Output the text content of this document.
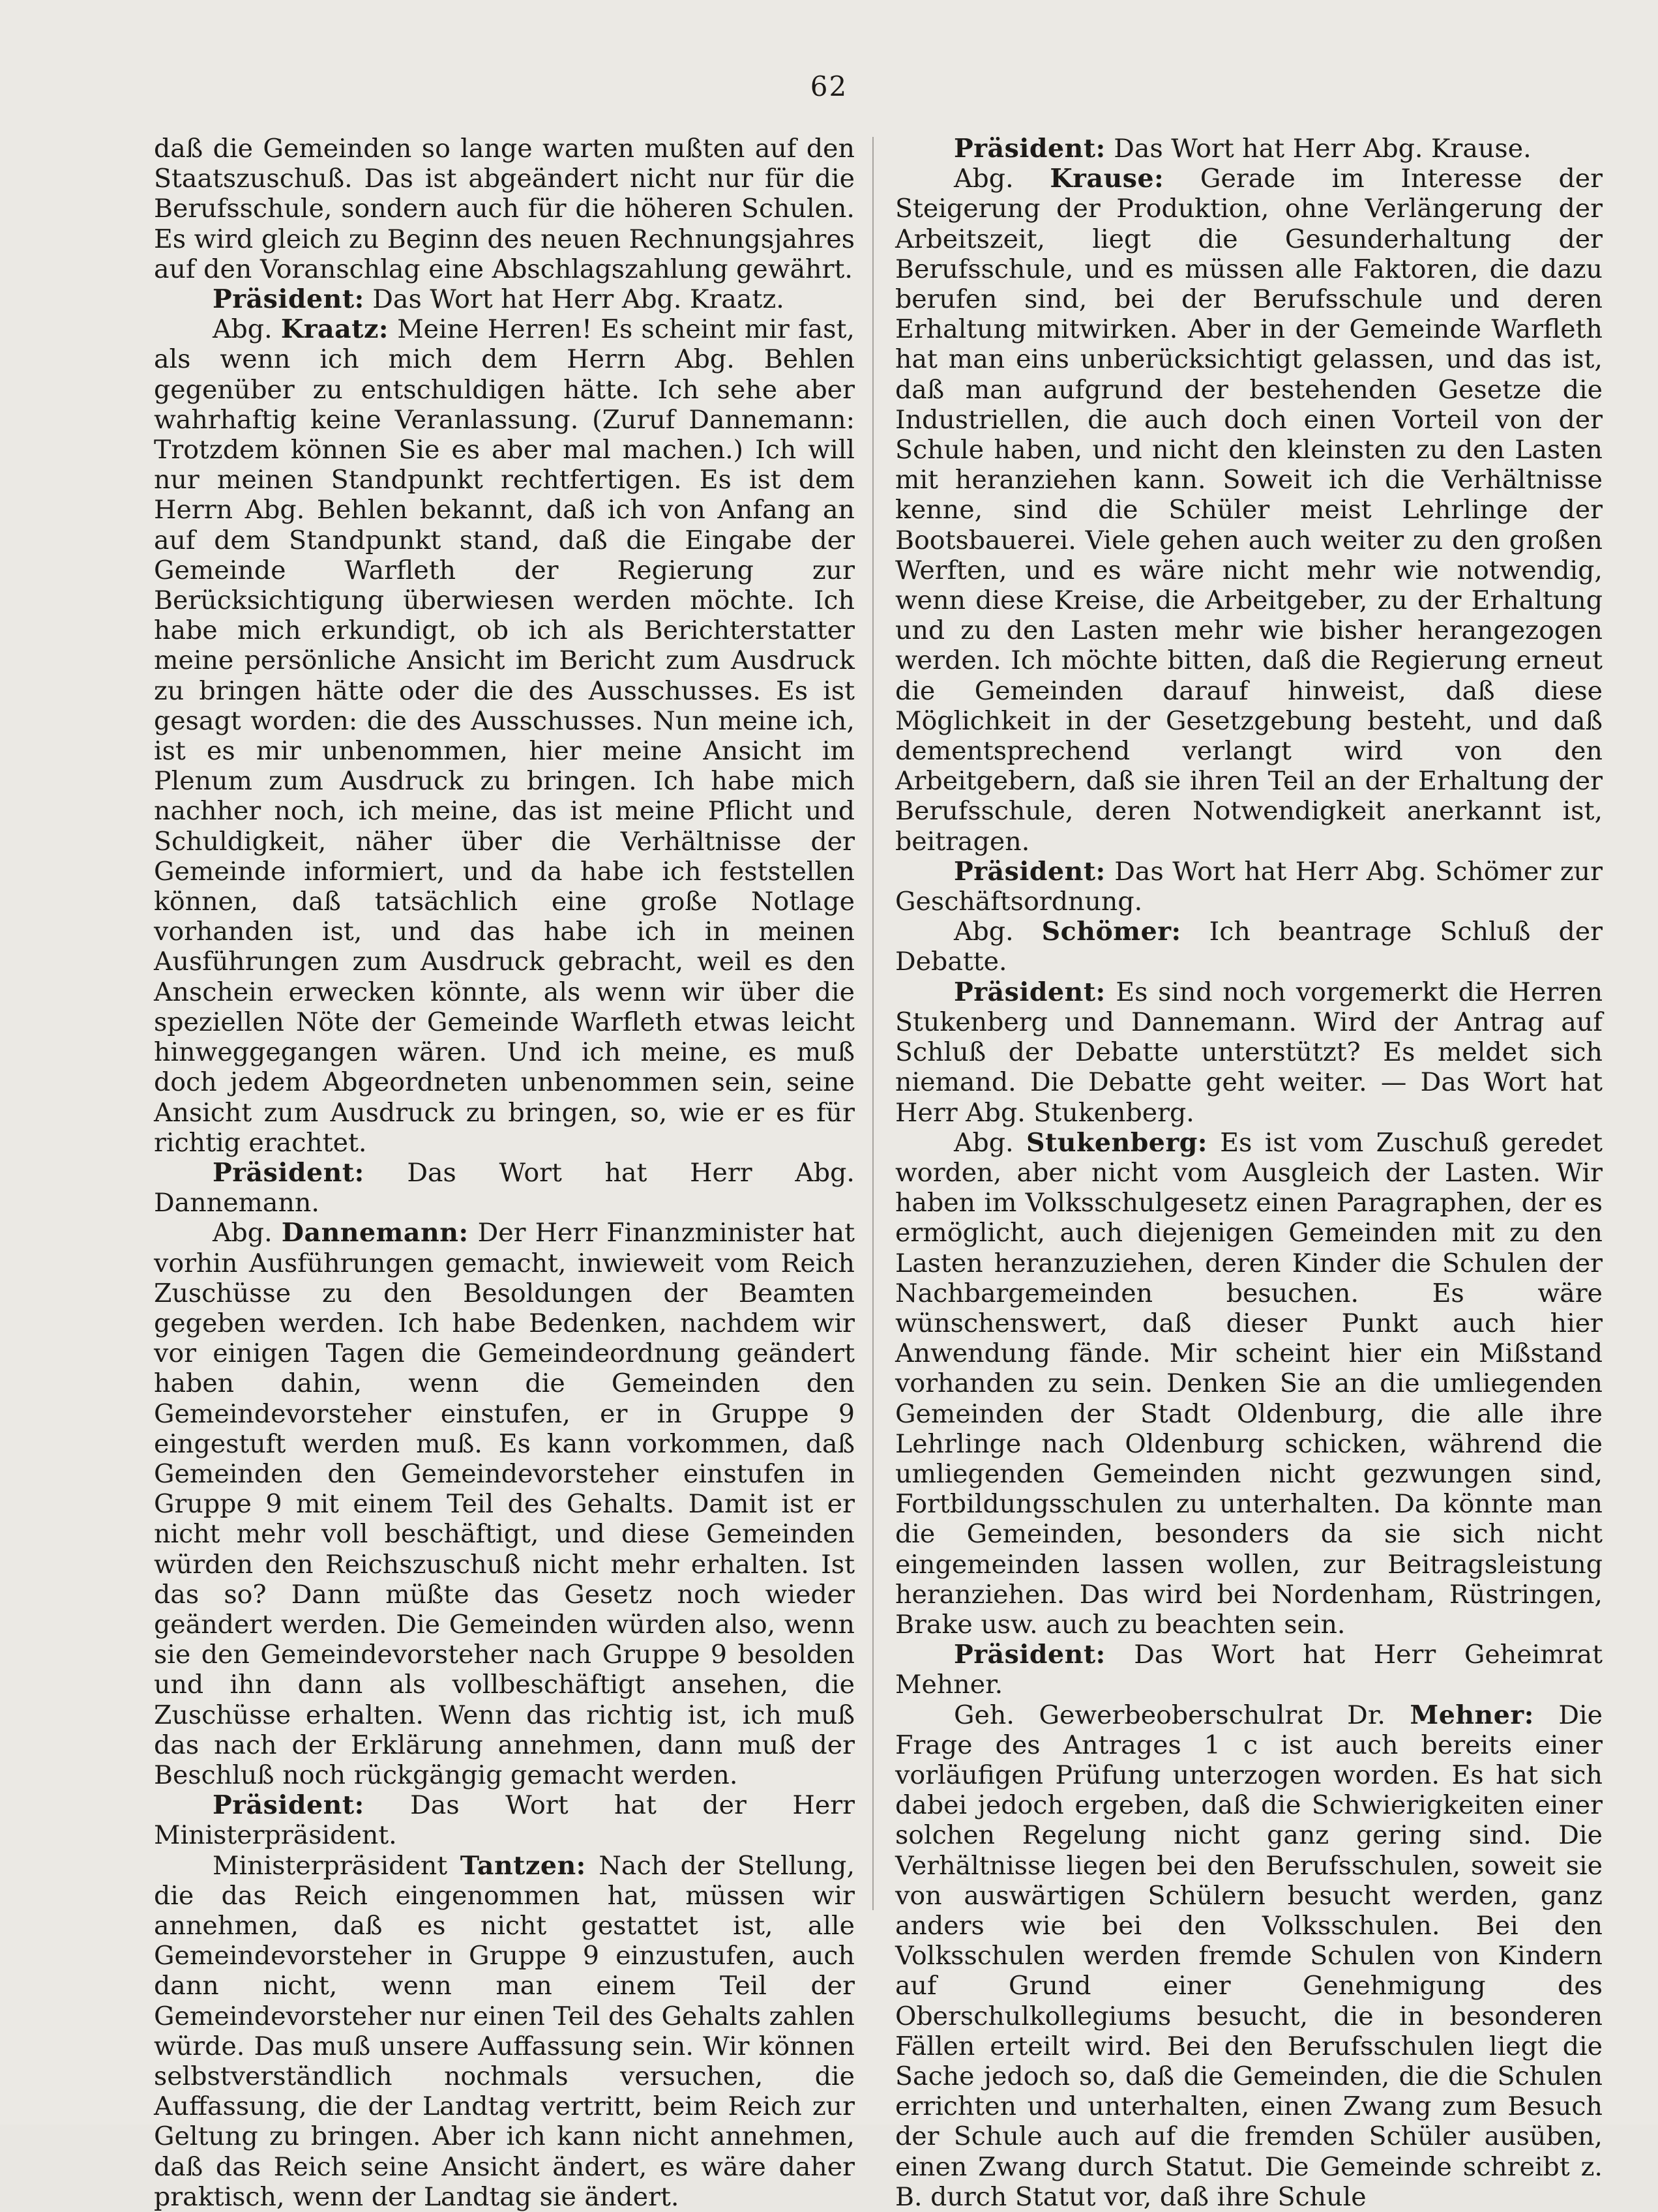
62

daß die Gemeinden so lange warten mußten auf den Staatszuschuß. Das ist abgeändert nicht nur für die Berufsschule, sondern auch für die höheren Schulen. Es wird gleich zu Beginn des neuen Rechnungsjahres auf den Voranschlag eine Abschlagszahlung gewährt.

Präsident: Das Wort hat Herr Abg. Kraatz.

Abg. Kraatz: Meine Herren! Es scheint mir fast, als wenn ich mich dem Herrn Abg. Behlen gegenüber zu entschuldigen hätte. Ich sehe aber wahrhaftig keine Veranlassung. (Zuruf Dannemann: Trotzdem können Sie es aber mal machen.) Ich will nur meinen Standpunkt rechtfertigen. Es ist dem Herrn Abg. Behlen bekannt, daß ich von Anfang an auf dem Standpunkt stand, daß die Eingabe der Gemeinde Warfleth der Regierung zur Berücksichtigung überwiesen werden möchte. Ich habe mich erkundigt, ob ich als Berichterstatter meine persönliche Ansicht im Bericht zum Ausdruck zu bringen hätte oder die des Ausschusses. Es ist gesagt worden: die des Ausschusses. Nun meine ich, ist es mir unbenommen, hier meine Ansicht im Plenum zum Ausdruck zu bringen. Ich habe mich nachher noch, ich meine, das ist meine Pflicht und Schuldigkeit, näher über die Verhältnisse der Gemeinde informiert, und da habe ich feststellen können, daß tatsächlich eine große Notlage vorhanden ist, und das habe ich in meinen Ausführungen zum Ausdruck gebracht, weil es den Anschein erwecken könnte, als wenn wir über die speziellen Nöte der Gemeinde Warfleth etwas leicht hinweggegangen wären. Und ich meine, es muß doch jedem Abgeordneten unbenommen sein, seine Ansicht zum Ausdruck zu bringen, so, wie er es für richtig erachtet.

Präsident: Das Wort hat Herr Abg. Dannemann.

Abg. Dannemann: Der Herr Finanzminister hat vorhin Ausführungen gemacht, inwieweit vom Reich Zuschüsse zu den Besoldungen der Beamten gegeben werden. Ich habe Bedenken, nachdem wir vor einigen Tagen die Gemeindeordnung geändert haben dahin, wenn die Gemeinden den Gemeindevorsteher einstufen, er in Gruppe 9 eingestuft werden muß. Es kann vorkommen, daß Gemeinden den Gemeindevorsteher einstufen in Gruppe 9 mit einem Teil des Gehalts. Damit ist er nicht mehr voll beschäftigt, und diese Gemeinden würden den Reichszuschuß nicht mehr erhalten. Ist das so? Dann müßte das Gesetz noch wieder geändert werden. Die Gemeinden würden also, wenn sie den Gemeindevorsteher nach Gruppe 9 besolden und ihn dann als vollbeschäftigt ansehen, die Zuschüsse erhalten. Wenn das richtig ist, ich muß das nach der Erklärung annehmen, dann muß der Beschluß noch rückgängig gemacht werden.

Präsident: Das Wort hat der Herr Ministerpräsident.

Ministerpräsident Tantzen: Nach der Stellung, die das Reich eingenommen hat, müssen wir annehmen, daß es nicht gestattet ist, alle Gemeindevorsteher in Gruppe 9 einzustufen, auch dann nicht, wenn man einem Teil der Gemeindevorsteher nur einen Teil des Gehalts zahlen würde. Das muß unsere Auffassung sein. Wir können selbstverständlich nochmals versuchen, die Auffassung, die der Landtag vertritt, beim Reich zur Geltung zu bringen. Aber ich kann nicht annehmen, daß das Reich seine Ansicht ändert, es wäre daher praktisch, wenn der Landtag sie ändert.

Präsident: Das Wort hat Herr Abg. Krause.

Abg. Krause: Gerade im Interesse der Steigerung der Produktion, ohne Verlängerung der Arbeitszeit, liegt die Gesunderhaltung der Berufsschule, und es müssen alle Faktoren, die dazu berufen sind, bei der Berufsschule und deren Erhaltung mitwirken. Aber in der Gemeinde Warfleth hat man eins unberücksichtigt gelassen, und das ist, daß man aufgrund der bestehenden Gesetze die Industriellen, die auch doch einen Vorteil von der Schule haben, und nicht den kleinsten zu den Lasten mit heranziehen kann. Soweit ich die Verhältnisse kenne, sind die Schüler meist Lehrlinge der Bootsbauerei. Viele gehen auch weiter zu den großen Werften, und es wäre nicht mehr wie notwendig, wenn diese Kreise, die Arbeitgeber, zu der Erhaltung und zu den Lasten mehr wie bisher herangezogen werden. Ich möchte bitten, daß die Regierung erneut die Gemeinden darauf hinweist, daß diese Möglichkeit in der Gesetzgebung besteht, und daß dementsprechend verlangt wird von den Arbeitgebern, daß sie ihren Teil an der Erhaltung der Berufsschule, deren Notwendigkeit anerkannt ist, beitragen.

Präsident: Das Wort hat Herr Abg. Schömer zur Geschäftsordnung.

Abg. Schömer: Ich beantrage Schluß der Debatte.

Präsident: Es sind noch vorgemerkt die Herren Stukenberg und Dannemann. Wird der Antrag auf Schluß der Debatte unterstützt? Es meldet sich niemand. Die Debatte geht weiter. — Das Wort hat Herr Abg. Stukenberg.

Abg. Stukenberg: Es ist vom Zuschuß geredet worden, aber nicht vom Ausgleich der Lasten. Wir haben im Volksschulgesetz einen Paragraphen, der es ermöglicht, auch diejenigen Gemeinden mit zu den Lasten heranzuziehen, deren Kinder die Schulen der Nachbargemeinden besuchen. Es wäre wünschenswert, daß dieser Punkt auch hier Anwendung fände. Mir scheint hier ein Mißstand vorhanden zu sein. Denken Sie an die umliegenden Gemeinden der Stadt Oldenburg, die alle ihre Lehrlinge nach Oldenburg schicken, während die umliegenden Gemeinden nicht gezwungen sind, Fortbildungsschulen zu unterhalten. Da könnte man die Gemeinden, besonders da sie sich nicht eingemeinden lassen wollen, zur Beitragsleistung heranziehen. Das wird bei Nordenham, Rüstringen, Brake usw. auch zu beachten sein.

Präsident: Das Wort hat Herr Geheimrat Mehner.

Geh. Gewerbeoberschulrat Dr. Mehner: Die Frage des Antrages 1 c ist auch bereits einer vorläufigen Prüfung unterzogen worden. Es hat sich dabei jedoch ergeben, daß die Schwierigkeiten einer solchen Regelung nicht ganz gering sind. Die Verhältnisse liegen bei den Berufsschulen, soweit sie von auswärtigen Schülern besucht werden, ganz anders wie bei den Volksschulen. Bei den Volksschulen werden fremde Schulen von Kindern auf Grund einer Genehmigung des Oberschulkollegiums besucht, die in besonderen Fällen erteilt wird. Bei den Berufsschulen liegt die Sache jedoch so, daß die Gemeinden, die die Schulen errichten und unterhalten, einen Zwang zum Besuch der Schule auch auf die fremden Schüler ausüben, einen Zwang durch Statut. Die Gemeinde schreibt z. B. durch Statut vor, daß ihre Schule
